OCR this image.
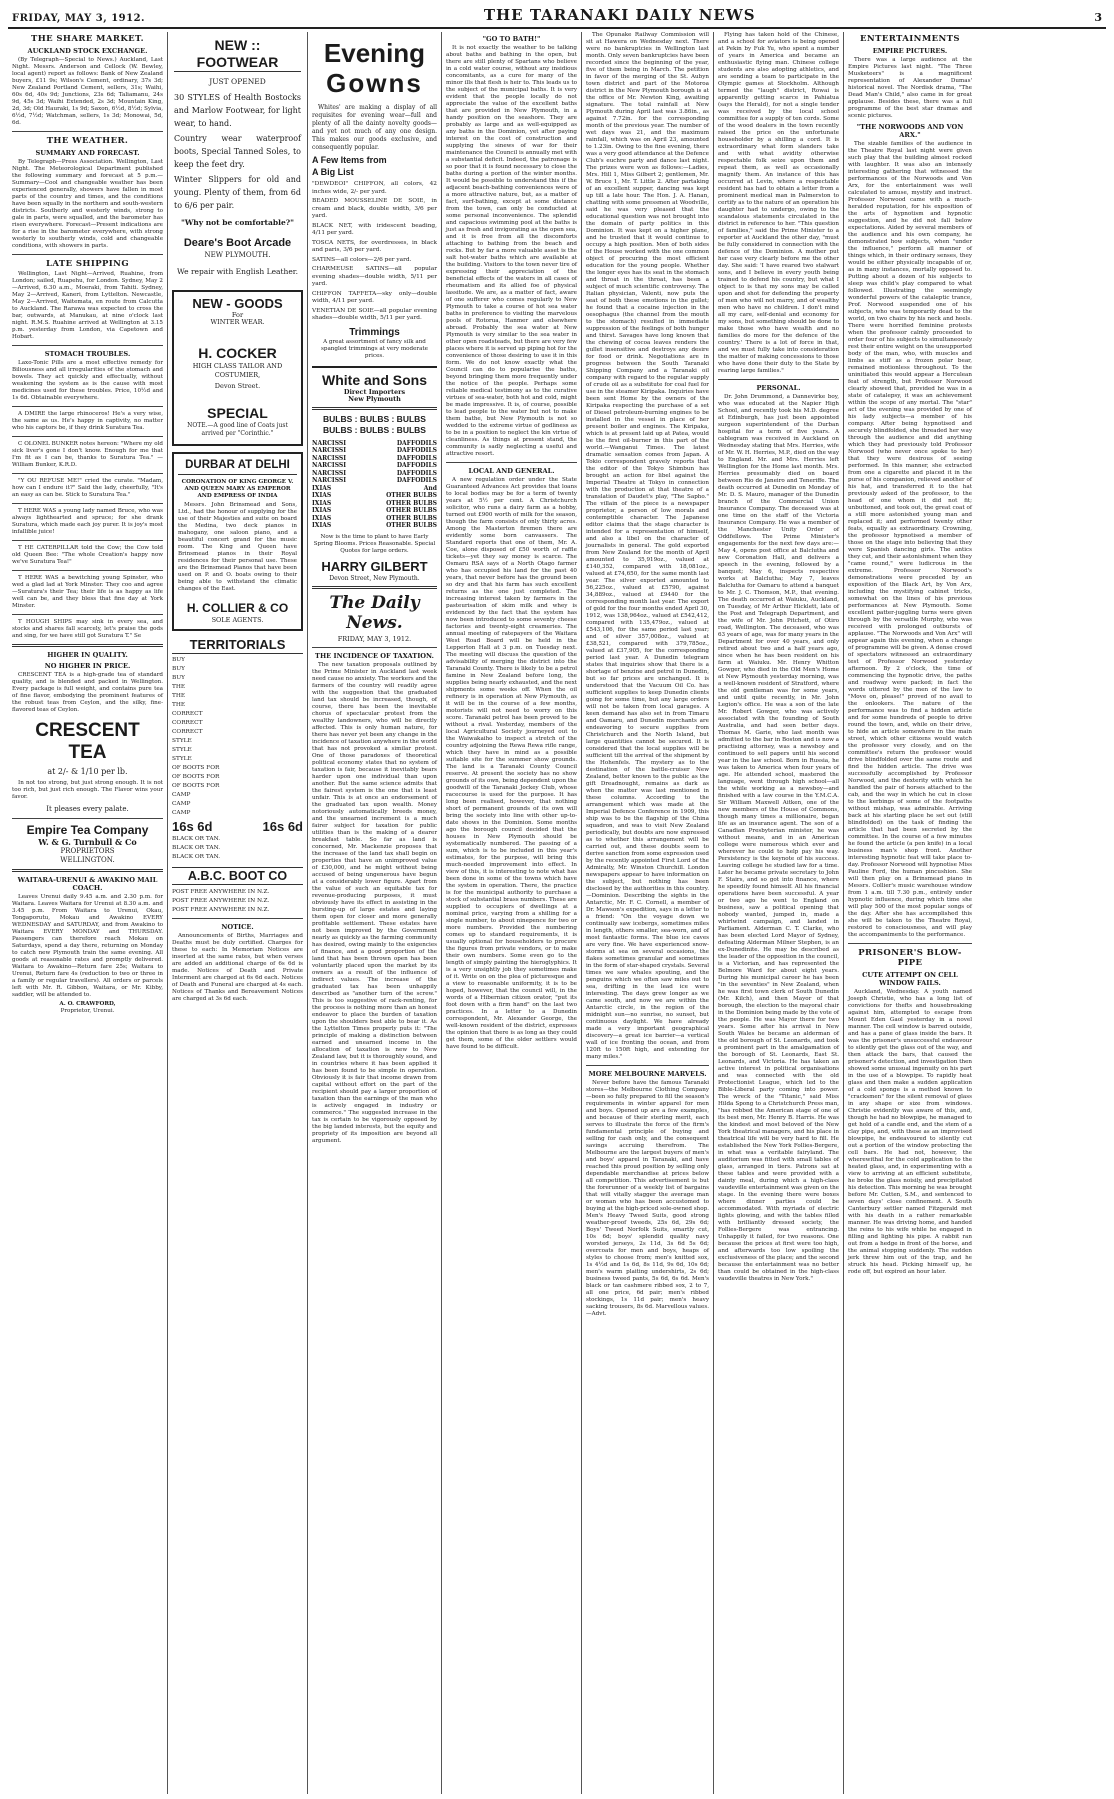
FRIDAY, MAY 3, 1912.	THE TARANAKI DAILY NEWS	3
THE SHARE MARKET.
AUCKLAND STOCK EXCHANGE.

(By Telegraph—Special to News.) Auckland, Last Night. Messrs. Anderson and Cellock (W. Bewley, local agent) report as follows: Bank of New Zealand buyers, £11 9s; Wilson's Cement, ordinary, 37s 3d; New Zealand Portland Cement, sellers, 31s; Waihi, 60s 6d, 40s 9d; Junctions, 23s 6d; Taliamanu, 24s 9d, 45s 3d; Waihi Extended, 2s 3d; Mountain King, 2d, 3d; Old Hauraki, 1s 9d; Saxon, 6½d, 8½d; Sylvia, 6½d, 7½d; Watchman, sellers, 1s 3d; Monowai, 5d, 6d.

THE WEATHER.
SUMMARY AND FORECAST.

By Telegraph—Press Association. Wellington, Last Night. The Meteorological Department published the following summary and forecast at 5 p.m.—Summary—Cool and changeable weather has been experienced generally, showers have fallen in most parts of the country and times, and the conditions have been squally in the northern and south-western districts. Southerly and westerly winds, strong to gale in parts, were squalled, and the barometer has risen everywhere. Forecast—Present indications are for a rise in the barometer everywhere, with strong westerly to southerly winds, cold and changeable conditions, with showers in parts.

LATE SHIPPING

Wellington, Last Night—Arrived, Ruahine, from London; sailed, Ruapehu, for London. Sydney, May 2—Arrived, 6.30 a.m., Moeraki, from Tahiti. Sydney, May 2—Arrived, Kaneri, from Lyttelton. Newcastle, May 2—Arrived, Waitemata, en route from Calcutta to Auckland. The Rarawa was expected to cross the bar, outwards, at Manukau, at nine o'clock last night. R.M.S. Ruahine arrived at Wellington at 3.15 p.m. yesterday from London, via Capetown and Hobart.

STOMACH TROUBLES.

Laxo-Tonic Pills are a most effective remedy for Biliousness and all irregularities of the stomach and bowels. They act quickly and effectually, without weakening the system as is the cause with most medicines used for these troubles. Price, 10½d and 1s 6d. Obtainable everywhere.

A DMIRE the large rhinoceros! He's a very wise, the same as us. He's happy in captivity, no matter who his captors be, if they drink Suratura Tea.

C OLONEL BUNKER notes hereon: "Where my old sick liver's gone I don't know. Enough for me that I'm fit as I can be, thanks to Suratura Tea." —William Bunker, K.R.D.

"Y OU REFUSE ME!" cried the curate. "Madam, how can I endure it?" Said the lady, cheerfully, "It's an easy as can be. Stick to Suratura Tea."

T HERE WAS a young lady named Bruce, who was always lighthearted and spruce; for she drank Suratura, which made each joy purer. It is joy's most infallible juice!

T HE CATERPILLAR told the Cow; the Cow told old Queen Bee: "The whole Creation's happy now we've Suratura Tea!"

T HERE WAS a bewitching young Spinster, who wed a glad lad at York Minster. They coo and agree—Suratura's their Tea; their life is as happy as life well can be, and they bless that fine day at York Minster.

T HOUGH SHIPS may sink in every sea, and stocks and shares fall scarcely, let's praise the gods and sing, for we have still got Suratura T." Se

HIGHER IN QUALITY.
NO HIGHER IN PRICE.

CRESCENT TEA is a high-grade tea of standard quality, and is blended and packed in Wellington. Every package is full weight, and contains pure tea of fine flavor, embodying the prominent features of the robust teas from Ceylon, and the silky, fine-flavored teas of Ceylon.

CRESCENT
TEA
at 2/- & 1/10 per lb.

In not too strong, but just strong enough. It is not too rich, but just rich enough. The Flavor wins your favor.

It pleases every palate.
Empire Tea Company
W. & G. Turnbull & Co
PROPRIETORS
WELLINGTON.
WAITARA-URENUI & AWAKINO MAIL COACH.

Leaves Urenui daily 9.45 a.m. and 2.30 p.m. for Waitara. Leaves Waitara for Urenui at 8.30 a.m. and 3.45 p.m. From Waitara to Urenui, Okau, Tongaporutu, Mokau and Awakino EVERY WEDNESDAY and SATURDAY, and from Awakino to Waitara EVERY MONDAY and THURSDAY. Passengers can therefore reach Mokau on Saturdays, spend a day there, returning on Monday to catch new Plymouth train the same evening. All goods at reasonable rates and promptly delivered. Waitara to Awakino—Return fare 25s; Waitara to Urenui, Return fare 4s (reduction to two or three in a family or regular travellers). All orders or parcels left with Mr. R. Gibbon, Waitara, or Mr. Kibby, saddler, will be attended to.

A. O. CRAWFORD,
Proprietor, Urenui.
NEW :: FOOTWEAR
JUST OPENED

30 STYLES of Health Bostocks and Marlow Footwear, for light wear, to hand.

Country wear waterproof boots, Special Tanned Soles, to keep the feet dry.

Winter Slippers for old and young. Plenty of them, from 6d to 6/6 per pair.

"Why not be comfortable?"
Deare's Boot Arcade
NEW PLYMOUTH.

We repair with English Leather.

NEW - GOODS
For
WINTER WEAR.
H. COCKER
HIGH CLASS TAILOR AND COSTUMIER,
Devon Street.
SPECIAL

NOTE.—A good line of Coats just arrived per "Corinthic."

DURBAR AT DELHI

CORONATION OF KING GEORGE V. AND QUEEN MARY AS EMPEROR AND EMPRESS OF INDIA

Messrs. John Brinsmead and Sons, Ltd., had the honour of supplying for the use of their Majesties and suite on board the Medina, two deck pianos in mahogany, one saloon piano, and a beautiful concert grand for the music room. The King and Queen have Brinsmead pianos in their Royal residences for their personal use. These are the Brinsmead Pianos that have been used on P. and O. boats owing to their being able to withstand the climatic changes of the East.

H. COLLIER & CO
SOLE AGENTS.
TERRITORIALS
BUY
BUY
BUY
THE
THE
THE
CORRECT
CORRECT
CORRECT
STYLE
STYLE
STYLE
OF BOOTS FOR
OF BOOTS FOR
OF BOOTS FOR
CAMP
CAMP
CAMP
16s 6d	16s 6d
BLACK OR TAN.
BLACK OR TAN.
BLACK OR TAN.
A.B.C. BOOT CO
POST FREE ANYWHERE IN N.Z.
POST FREE ANYWHERE IN N.Z.
POST FREE ANYWHERE IN N.Z.
NOTICE.

Announcements of Births, Marriages and Deaths must be duly certified. Charges for these to each: In Memoriam Notices are inserted at the same rates, but when verses are added an additional charge of 6s 6d is made. Notices of Death and Private Interment are charged at 6s 6d each. Notices of Death and Funeral are charged at 4s each. Notices of Thanks and Bereavement Notices are charged at 3s 6d each.

Evening
Gowns

Whites' are making a display of all requisites for evening wear—full and plenty of all the dainty novelty goods—and yet not much of any one design. This makes our goods exclusive, and consequently popular.

A Few Items from
A Big List
"DEWDEOI" CHIFFON, all colors, 42 inches wide, 2/- per yard.
BEADED MOUSSELINE DE SOIE, in cream and black, double width, 3/6 per yard.
BLACK NET, with iridescent beading, 4/11 per yard.
TOSCA NETS, for overdresses, in black and paris, 3/6 per yard.
SATINS—all colors—2/6 per yard.
CHARMEUSE SATINS—all popular evening shades—double width, 5/11 per yard.
CHIFFON TAFFETA—sky only—double width, 4/11 per yard.
VENETIAN DE SOIE—all popular evening shades—double width, 5/11 per yard.
Trimmings

A great assortment of fancy silk and spangled trimmings at very moderate prices.

White and Sons
Direct Importers
New Plymouth
BULBS : BULBS : BULBS
BULBS : BULBS : BULBS
NARCISSI	DAFFODILS
NARCISSI	DAFFODILS
NARCISSI	DAFFODILS
NARCISSI	DAFFODILS
NARCISSI	DAFFODILS
NARCISSI	DAFFODILS
IXIAS	And
IXIAS	OTHER BULBS
IXIAS	OTHER BULBS
IXIAS	OTHER BULBS
IXIAS	OTHER BULBS
IXIAS	OTHER BULBS

Now is the time to plant to have Early Spring Blooms. Prices Reasonable. Special Quotes for large orders.

HARRY GILBERT
Devon Street, New Plymouth.
The Daily News.
FRIDAY, MAY 3, 1912.
THE INCIDENCE OF TAXATION.

The new taxation proposals outlined by the Prime Minister in Auckland last week need cause no anxiety. The workers and the farmers of the country will readily agree with the suggestion that the graduated land tax should be increased, though, of course, there has been the inevitable chorus of spectacular protest from the wealthy landowners, who will be directly affected. This is only human nature, for there has never yet been any change in the incidence of taxation anywhere in the world that has not provoked a similar protest. One of those paradoxes of theoretical political economy states that no system of taxation is fair, because it inevitably bears harder upon one individual than upon another. But the same science admits that the fairest system is the one that is least unfair. This is at once an endorsement of the graduated tax upon wealth. Money notoriously automatically breeds money, and the unearned increment is a much fairer subject for taxation for public utilities than is the making of a dearer breakfast table. So far as land is concerned, Mr. Mackenzie proposes that the increase of the land tax shall begin on properties that have an unimproved value of £30,000, and he might without being accused of being ungenerous have begun at a considerably lower figure. Apart from the value of such an equitable tax for revenue-producing purposes, it must obviously have its effect in assisting in the bursting-up of large estates and laying them open for closer and more generally profitable settlement. These estates have not been improved by the Government nearly as quickly as the farming community has desired, owing mainly to the exigencies of finance, and a good proportion of the land that has been thrown open has been voluntarily placed upon the market by its owners as a result of the influence of indirect values. The increase of the graduated tax has been unhappily described as "another turn of the screw." This is too suggestive of rack-renting, for the process is nothing more than an honest endeavor to place the burden of taxation upon the shoulders best able to bear it. As the Lyttelton Times properly puts it: "The principle of making a distinction between earned and unearned income in the allocation of taxation is new to New Zealand law, but it is thoroughly sound, and in countries where it has been applied it has been found to be simple in operation. Obviously it is fair that income drawn from capital without effort on the part of the recipient should pay a larger proportion of taxation than the earnings of the man who is actively engaged in industry or commerce." The suggested increase in the tax is certain to be vigorously opposed by the big landed interests, but the equity and propriety of its imposition are beyond all argument.

"GO TO BATH!"

It is not exactly the weather to be talking about baths and bathing in the open, but there are still plenty of Spartans who believe in a cold water course, without any insidious concomitants, as a cure for many of the minor ills that flesh is heir to. This leads us to the subject of the municipal baths. It is very evident that the people locally do not appreciate the value of the excellent baths that are provided in New Plymouth, in a handy position on the seashore. They are probably as large and as well-equipped as any baths in the Dominion, yet after paying interest on the cost of construction and supplying the sinews of war for their maintenance the Council is annually met with a substantial deficit. Indeed, the patronage is so poor that it is found necessary to close the baths during a portion of the winter months. It would be possible to understand this if the adjacent beach-bathing conveniences were of a more attractive nature, but, as a matter of fact, surf-bathing, except at some distance from the town, can only be conducted at some personal inconvenience. The splendid and capacious swimming pool at the baths is just as fresh and invigorating as the open sea, and it is free from all the discomforts attaching to bathing from the beach and rocks. But by far a more valuable asset is the salt hot-water baths which are available at the building. Visitors to the town never tire of expressing their appreciation of the beneficial effects of the waters in all cases of rheumatism and its allied foe of physical lassitude. We are, as a matter of fact, aware of one sufferer who comes regularly to New Plymouth to take a course of hot sea water baths in preference to visiting the marvelous pools of Rotorua, Hanmer and elsewhere abroad. Probably the sea water at New Plymouth is very similar to the sea water in other open roadsteads, but there are very few places where it is served up piping hot for the convenience of those desiring to use it in this form. We do not know exactly what the Council can do to popularise the baths, beyond bringing them more frequently under the notice of the people. Perhaps some reliable medical testimony as to the curative virtues of sea-water, both hot and cold, might be made impressive. It is, of course, possible to lead people to the water but not to make them bathe, but New Plymouth is not so wedded to the extreme virtue of godliness as to be in a position to neglect the kin virtue of cleanliness. As things at present stand, the community is sadly neglecting a useful and attractive resort.

LOCAL AND GENERAL.

A new regulation order under the State Guaranteed Advances Act provides that loans to local bodies may be for a term of twenty years at 5½ per cent. A Christchurch solicitor, who runs a dairy farm as a hobby, turned out £900 worth of milk for the season, though the farm consists of only thirty acres. Among the Masterton firemen there are evidently some born canvassers. The Standard reports that one of them, Mr. A. Coe, alone disposed of £50 worth of raffle tickets—yet they say money is scarce. The Osmaru RSA says of a North Otago farmer who has occupied his land for the past 40 years, that never before has the ground been so dry and that his farm has such excellent returns as the one just completed. The increasing interest taken by farmers in the pasteurisation of skim milk and whey is evidenced by the fact that the system has now been introduced to some seventy cheese factories and twenty-eight creameries. The annual meeting of ratepayers of the Waitara West Road Board will be held in the Lepperton Hall at 3 p.m. on Tuesday next. The meeting will discuss the question of the advisability of merging the district into the Taranaki County. There is likely to be a petrol famine in New Zealand before long, the supplies being nearly exhausted, and the next shipments some weeks off. When the oil refinery is in operation at New Plymouth, as it will be in the course of a few months, motorists will not need to worry on this score. Taranaki petrol has been proved to be without a rival. Yesterday, members of the local Agricultural Society journeyed out to the Waiwakaiho to inspect a stretch of the country adjoining the Rewa Rewa rifle range, which they have in mind as a possible suitable site for the summer show grounds. The land is a Taranaki County Council reserve. At present the society has no show grounds of its own, being dependent upon the goodwill of the Taranaki Jockey Club, whose racecourse is used for the purpose. It has long been realised, however, that nothing short of permanent grounds of its own will bring the society into line with other up-to-date shows in the Dominion. Some months ago the borough council decided that the houses in New Plymouth should be systematically numbered. The passing of a sum, which is to be included in this year's estimates, for the purpose, will bring this much-needed improvement into effect. In view of this, it is interesting to note what has been done in some of the towns which have the system in operation. There, the practice is for the municipal authority to purchase a stock of substantial brass numbers. These are supplied to occupiers of dwellings at a nominal price, varying from a shilling for a single number, to about ninepence for two or more numbers. Provided the numbering comes up to standard requirements, it is usually optional for householders to procure the figures from private vendors, or to make their own numbers. Some even go to the length of simply painting the hieroglyphics. It is a very unsightly job they sometimes make of it. Write on on the plea of picturesque and a view to reasonable uniformity, it is to be hoped, however, that the council will, in the words of a Hibernian citizen orator, "put its foot down with a firm hand" on the last two practices. In a letter to a Dunedin correspondent, Mr. Alexander George, the well-known resident of the district, expresses the opinion that there is as long as they could get them, some of the older settlers would have found to be difficult.

The Opunake Railway Commission will sit at Hawera on Wednesday next. There were no bankruptcies in Wellington last month. Only seven bankruptcies have been recorded since the beginning of the year, five of them being in March. The petition in favor of the merging of the St. Aubyn town district and part of the Motoroa district in the New Plymouth borough is at the office of Mr. Newton King, awaiting signature. The total rainfall at New Plymouth during April last was 3.86in., as against 7.72in. for the corresponding month of the previous year. The number of wet days was 21, and the maximum rainfall, which was on April 23, amounted to 1.23in. Owing to the fine evening, there was a very good attendance at the Defence Club's euchre party and dance last night. The prizes were won as follows:—Ladies, Mrs. Hill 1, Miss Gilbert 2; gentlemen, Mr. W. Bruce 1, Mr. T. Little 2. After partaking of an excellent supper, dancing was kept up till a late hour. The Hon. J. A. Hanan, chatting with some pressmen at Woodville, said he was very pleased that the educational question was not brought into the domain of party politics in this Dominion. It was kept on a higher plane, and he trusted that it would continue to occupy a high position. Men of both sides of the House worked with the one common object of procuring the most efficient education for the young people. Whether the longer eyes has its seat in the stomach and throat in the throat, has been a subject of much scientific controversy. The Italian physician, Valenti, now puts the seat of both these emotions in the gullet; he found that a cocaine injection in the oesophagus (the channel from the mouth to the stomach) resulted in immediate suppression of the feelings of both hunger and thirst. Savages have long known that the chewing of cocoa leaves renders the gullet insensitive and destroys any desire for food or drink. Negotiations are in progress between the South Taranaki Shipping Company and a Taranaki oil company with regard to the regular supply of crude oil as a substitute for coal fuel for use in the steamer Kiripaka. Inquiries have been sent Home by the owners of the Kiripaka respecting the purchase of a set of Diesel petroleum-burning engines to be installed in the vessel in place of her present boiler and engines. The Kiripaka, which is at present laid up at Patea, would be the first oil-burner in this part of the world.—Wanganui Times. The latest dramatic sensation comes from Japan. A Tokio correspondent gravely reports that the editor of the Tokyo Shimbun has brought an action for libel against the Imperial Theatre at Tokyo in connection with the production at that theatre of a translation of Daudet's play, "The Sapho." The villain of the piece is a newspaper proprietor, a person of low morals and contemptible character. The Japanese editor claims that the stage character is intended for a representation of himself, and also a libel on the character of journalists in general. The gold exported from New Zealand for the month of April amounted to 35,919oz., valued at £140,352, compared with 18,081oz., valued at £74,650, for the same month last year. The silver exported amounted to 56,225oz., valued at £5790, against 34,889oz., valued at £9440 for the corresponding month last year. The export of gold for the four months ended April 30, 1912, was 138,964oz., valued at £542,412, compared with 135,479oz., valued at £543,106, for the same period last year; and of silver 357,008oz., valued at £38,521, compared with 379,785oz., valued at £37,905, for the corresponding period last year. A Dunedin telegram states that inquiries show that there is a shortage of benzine and petrol in Dunedin, but so far prices are unchanged. It is understood that the Vacuum Oil Co. has sufficient supplies to keep Dunedin clients going for some time, but any large orders will not be taken from local garages. A keen demand has also set in from Timaru and Oamaru, and Dunedin merchants are endeavoring to secure supplies from Christchurch and the North Island, but large quantities cannot be secured. It is considered that the local supplies will be sufficient till the arrival of the shipment by the Hohenfels. The mystery as to the destination of the battle-cruiser New Zealand, better known to the public as the gift Dreadnought, remains as dark as when the matter was last mentioned in these columns. According to the arrangement which was made at the Imperial Defence Conference in 1909, this ship was to be the flagship of the China squadron, and was to visit New Zealand periodically, but doubts are now expressed as to whether this arrangement will be carried out, and these doubts seem to derive sanction from some expression used by the recently appointed First Lord of the Admiralty, Mr. Winston Churchill. London newspapers appear to have information on the subject, but nothing has been disclosed by the authorities in this country.—Dominion. Describing the sights in the Antarctic, Mr. F. C. Cornell, a member of Dr. Mawson's expedition, says in a letter to a friend: "On the voyage down we continually saw icebergs, sometimes miles in length, others smaller, sea-worn, and of most fantastic forms. The blue ice caves are very fine. We have experienced snow-storms at sea on several occasions, the flakes sometimes granular and sometimes in the form of star-shaped crystals. Several times we saw whales spouting, and the penguins which we often saw miles out to sea, drifting in the lead ice were interesting. The days grew longer as we came south, and now we are within the Antarctic circle, in the region of the midnight sun—no sunrise, no sunset, but continuous daylight. We have already made a very important geographical discovery—a great ice barrier—a vertical wall of ice fronting the ocean, and from 120ft to 150ft high, and extending for many miles."

MORE MELBOURNE MARVELS.

Never before have the famous Taranaki stores—the Melbourne Clothing Company—been so fully prepared to fill the season's requirements in winter apparel for men and boys. Opened up are a few examples, and because of their sterling merit, each serves to illustrate the force of the firm's fundamental principle of buying and selling for cash only, and the consequent savings accruing therefrom. The Melbourne are the largest buyers of men's and boys' apparel in Taranaki, and have reached this proud position by selling only dependable merchandise at prices below all competition. This advertisement is but the forerunner of a weekly list of bargains that will vitally stagger the average man or woman who has been accustomed to buying at the high-priced sole-owned shop. Men's Heavy Tweed Suits, good strong weather-proof tweeds, 25s 6d, 29s 6d; Boys' Tweed Norfolk Suits, smartly cut, 10s 6d; boys' splendid quality navy worsted jerseys, 2s 11d, 3s 6d 5s 6d; overcoats for men and boys, heaps of styles to choose from; men's knitted sox, 1s 4½d and 1s 6d, 8s 11d, 9s 6d, 10s 6d; men's warm plaiting undershirts, 2s 6d; business tweed pants, 5s 6d, 6s 6d. Men's black or tan cashmere ribbed sox, 2 to 7, all one price, 6d pair; men's ribbed stockings, 1s 11d pair; men's heavy sacking trousers, 8s 6d. Marvellous values.—Advt.

Flying has taken hold of the Chinese, and a school for aviators is being opened at Pekin by Fuk Yu, who spent a number of years in America and became an enthusiastic flying man. Chinese college students are also adopting athletics, and are sending a team to participate in the Olympic games at Stockholm. Although termed the "laugh" district, Rowai is apparently getting scarce in Pahiatua (says the Herald), for not a single tender was received by the local school committee for a supply of ten cords. Some of the wood dealers in the town recently raised the price on the unfortunate householder by a shilling a cord. It is extraordinary what form slanders take and with what avidity otherwise respectable folk seize upon them and repeat them, as well as occasionally magnify them. An instance of this has occurred at Levin, where a respectable resident has had to obtain a letter from a prominent medical man in Palmerston to certify as to the nature of an operation his daughter had to undergo, owing to the scandalous statements circulated in the district in reference to her. "This question of families," said the Prime Minister to a reporter at Auckland the other day, "must be fully considered in connection with the defence of the Dominion. A mother put her case very clearly before me the other day. She said: 'I have reared two stalwart sons, and I believe in every youth being trained to defend his country, but what I object to is that my sons may be called upon and shot for defending the property of men who will not marry, and of wealthy men who have no children. I don't mind all my care, self-denial and economy for my sons, but something should be done to make those who have wealth and no families do more for the defence of the country.' There is a lot of force in that, and we must fully take into consideration the matter of making concessions to those who have done their duty to the State by rearing large families."

PERSONAL.

Dr. John Drummond, a Dannevirke boy, who was educated at the Napier High School, and recently took his M.D. degree at Edinburgh, has just been appointed surgeon superintendent of the Durban hospital for a term of five years. A cablegram was received in Auckland on Wednesday stating that Mrs. Herries, wife of Mr. W. H. Herries, M.P., died on the way to England. Mr. and Mrs. Herries left Wellington for the Home last month. Mrs. Herries presumably died on board between Rio de Janeiro and Teneriffe. The death occurred at Dunedin on Monday of Mr. D. S. Mauro, manager of the Dunedin branch of the Commercial Union Insurance Company. The deceased was at one time on the staff of the Victoria Insurance Company. He was a member of the Manchester Unity Order of Oddfellows. The Prime Minister's engagements for the next few days are:—May 4, opens post office at Balclutha and new Coronation Hall, and delivers a speech in the evening, followed by a banquet; May 6, inspects respective works at Balclutha; May 7, leaves Balclutha for Oamaru to attend a banquet to Mr. J. C. Thomson, M.P., that evening. The death occurred at Waiuku, Auckland, on Tuesday, of Mr Arthur Hicklett, late of the Post and Telegraph Department, and the wife of Mr. John Pitchett, of Otiro road, Wellington. The deceased, who was 63 years of age, was for many years in the Department for over 40 years, and only retired about two and a half years ago, since when he has been resident on his farm at Waiuku. Mr. Henry Whitton Gowger, who died in the Old Men's Home at New Plymouth yesterday morning, was a well-known resident of Stratford, where the old gentleman was for some years, and until quite recently, in Mr. John Legion's office. He was a son of the late Mr. Robert Gowger, who was actively associated with the founding of South Australia, and had seen better days. Thomas M. Garie, who last month was admitted to the bar in Boston and is now a practising attorney, was a newsboy and continued to sell papers until his second year in the law school. Born in Russia, he was taken to America when four years of age. He attended school, mastered the language, went through high school—all the while working as a newsboy—and finished with a law course in the Y.M.C.A. Sir William Maxwell Aitken, one of the new members of the House of Commons, though many times a millionaire, began life as an insurance agent. The son of a Canadian Presbyterian minister, he was without means, and in an American college were numerous which ever and wherever he could to help pay his way. Persistency is the keynote of his success. Leaving college he studied law for a time. Later he became private secretary to John F. Stairs, and so got into finance, where he speedily found himself. All his financial operations have been successful. A year or two ago he went to England on business, saw a political opening that nobody wanted, jumped in, made a whirlwind campaign, and landed in Parliament. Alderman C. T. Clarke, who has been elected Lord Mayor of Sydney, defeating Alderman Milner Stephen, is an ex-Dunedinite. He may be described as the leader of the opposition in the council, is a Victorian, and has represented the Belmore Ward for about eight years. During his municipal career he has been "in the seventies" in New Zealand, when he was first town clerk of South Dunedin (Mr. Kilch), and then Mayor of that borough, the election to the mayoral chair in the Dominion being made by the vote of the people. He was Mayor there for two years. Some after his arrival in New South Wales he became an alderman of the old borough of St. Leonards, and took a prominent part in the amalgamation of the borough of St. Leonards, East St. Leonards, and Victoria. He has taken an active interest in political organisations and was connected with the old Protectionist League, which led to the Bible-Liberal party coming into power. The wreck of the "Titanic," said Miss Hilda Spong to a Christchurch Press man, "has robbed the American stage of one of its best men, Mr. Henry B. Harris. He was the kindest and most beloved of the New York theatrical managers, and his place in theatrical life will be very hard to fill. He established the New York Follies-Bergere, in what was a veritable fairyland. The auditorium was fitted with small tables of glass, arranged in tiers. Patrons sat at these tables and were provided with a dainty meal, during which a high-class vaudeville entertainment was given on the stage. In the evening there were boxes where dinner parties could be accommodated. With myriads of electric lights glowing, and with the tables filled with brilliantly dressed society, the Follies-Bergere was entrancing. Unhappily it failed, for two reasons. One because the prices at first were too high, and afterwards too low spoiling the exclusiveness of the place; and the second because the entertainment was no better than could be obtained in the high-class vaudeville theatres in New York."

ENTERTAINMENTS
EMPIRE PICTURES.

There was a large audience at the Empire Pictures last night. "The Three Musketeers" is a magnificent representation of Alexander Dumas' historical novel. The Nordisk drama, "The Dead Man's Child," also came in for great applause. Besides these, there was a full programme of the best star dramas and scenic pictures.

"THE NORWOODS AND VON ARX."

The sizable families of the audience in the Theatre Royal last night were given such play that the building almost rocked with laughter. It was also an intensely interesting gathering that witnessed the performances of the Norwoods and Von Arx, for the entertainment was well calculated to amuse, mystify and instruct. Professor Norwood came with a much-heralded reputation, for his exposition of the arts of hypnotism and hypnotic suggestion, and he did not fall below expectations. Aided by several members of the audience and his own company, he demonstrated how subjects, when "under the influence," perform all manner of things which, in their ordinary senses, they would be either physically incapable of or, as in many instances, mortally opposed to. Putting about a dozen of his subjects to sleep was child's play compared to what followed. Illustrating the seemingly wonderful powers of the cataleptic trance, Prof. Norwood suspended one of his subjects, who was temporarily dead to the world, on two chairs by his neck and heels. There were horrified feminine protests when the professor calmly proceeded to order four of his subjects to simultaneously rest their entire weight on the unsupported body of the man, who, with muscles and limbs as stiff as a frozen polar bear, remained motionless throughout. To the uninitiated this would appear a Herculean feat of strength, but Professor Norwood clearly showed that, provided he was in a state of catalepsy, it was an achievement within the scope of any mortal. The "star" act of the evening was provided by one of his lady subjects—a member of his company. After being hypnotised and securely blindfolded, she threaded her way through the audience and did anything which they had previously told Professor Norwood (who never once spoke to her) that they were desirous of seeing performed. In this manner, she extracted from one a cigarette and placed it in the purse of his companion, relieved another of his hat, and transferred it to the hat previously asked of the professor, to the head of one whom it did not fit; unbuttoned, and took out, the great coat of a still more astonished young man and replaced it; and performed twenty other feats, equally as extraordinary. Crowning, the professor hypnotised a member of those on the stage into believing that they were Spanish dancing girls. The antics they cut, and their astonishment when they "came round," were ludicrous in the extreme. Professor Norwood's demonstrations were preceded by an exposition of the Black Art, by Von Arx, including the mystifying cabinet tricks, somewhat on the lines of his previous performances at New Plymouth. Some excellent patter-juggling turns were given through by the versatile Murphy, who was received with prolonged outbursts of applause. "The Norwoods and Von Arx" will appear again this evening, when a change of programme will be given. A dense crowd of spectators witnessed an extraordinary test of Professor Norwood yesterday afternoon. By 2 o'clock, the time of commencing the hypnotic drive, the paths and roadway were packed; in fact the words uttered by the men of the law to "Move on, please!" proved of no avail to the onlookers. The nature of the performance was to find a hidden article and for some hundreds of people to drive round the town, and, while on their drive, to hide an article somewhere in the main street, which other citizens would watch the professor very closely, and on the committee's return the professor would drive blindfolded over the same route and find the hidden article. The drive was successfully accomplished by Professor Norwood, and the dexterity with which he handled the pair of horses attached to the cab, and the way in which he cut in close to the kerbings of some of the footpaths without mishap, was admirable. Arriving back at his starting place he set out (still blindfolded) on the task of finding the article that had been secreted by the committee. In the course of a few minutes he found the article (a pen knife) in a local business man's shop front. Another interesting hypnotic feat will take place to-day. Professor Norwood will hypnotise Miss Pauline Ford, the human pincushion. She will then play on a Brinsmead piano in Messrs. Collier's music warehouse window from 1 a.m. till 7.30 p.m., entirely under hypnotic influence, during which time she will play 500 of the most popular songs of the day. After she has accomplished this she will be taken to the Theatre Royal, restored to consciousness, and will play the accompaniments to the performance.

PRISONER'S BLOW-PIPE
CUTE ATTEMPT ON CELL WINDOW FAILS.

Auckland, Wednesday. A youth named Joseph Christie, who has a long list of convictions for thefts and housebreaking against him, attempted to escape from Mount Eden Gaol yesterday in a novel manner. The cell window is barred outside, and has a pane of glass inside the bars. It was the prisoner's unsuccessful endeavour to silently get the glass out of the way, and then attack the bars, that caused the prisoner's detection, and investigation then showed some unusual ingenuity on his part in the use of a blowpipe. To rapidly heat glass and then make a sudden application of a cold sponge is a method known to "cracksmen" for the silent removal of glass in any shape or size from windows. Christie evidently was aware of this, and, though he had no blowpipe, he managed to get hold of a candle end, and the stem of a clay pipe, and, with these as an improvised blowpipe, he endeavoured to silently cut out a portion of the window protecting the cell bars. He had not, however, the wherewithal for the cold application to the heated glass, and, in experimenting with a view to arriving at an efficient substitute, he broke the glass noisily, and precipitated his detection. This morning he was brought before Mr. Cutten, S.M., and sentenced to seven days' close confinement. A South Canterbury settler named Fitzgerald met with his death in a rather remarkable manner. He was driving home, and handed the reins to his wife while he engaged in filling and lighting his pipe. A rabbit ran out from a hedge in front of the horse, and the animal stopping suddenly. The sudden jerk threw him out of the trap, and he struck his head. Picking himself up, he rode off, but expired an hour later.
